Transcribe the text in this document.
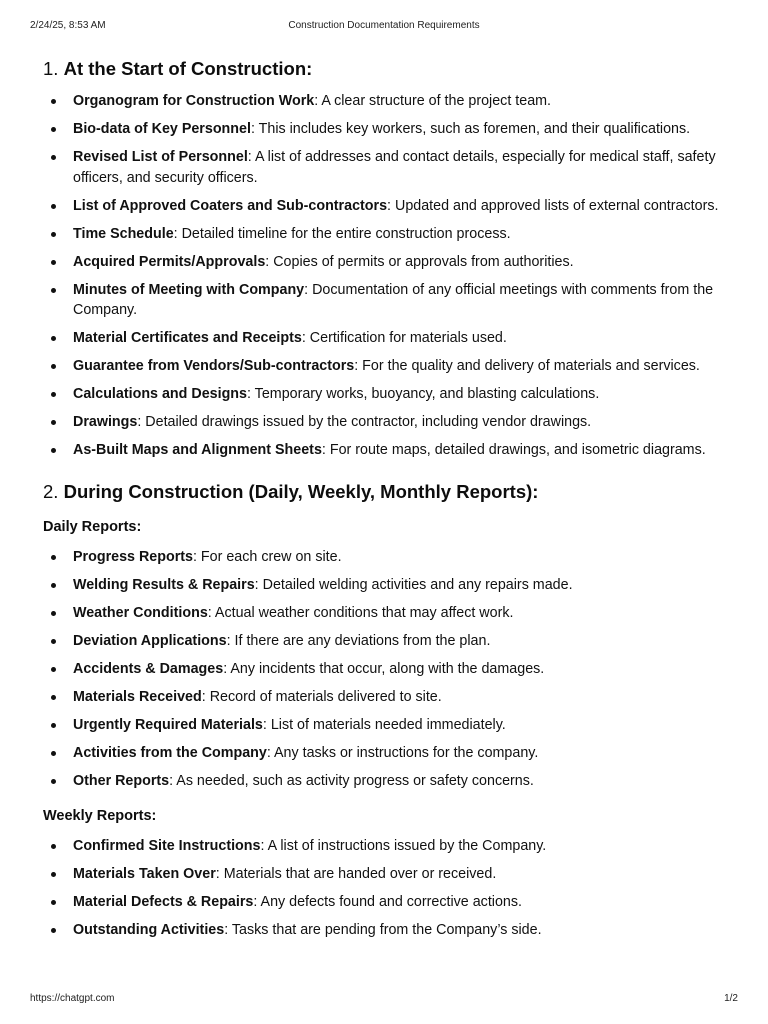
2/24/25, 8:53 AM	Construction Documentation Requirements
1. At the Start of Construction:
Organogram for Construction Work: A clear structure of the project team.
Bio-data of Key Personnel: This includes key workers, such as foremen, and their qualifications.
Revised List of Personnel: A list of addresses and contact details, especially for medical staff, safety officers, and security officers.
List of Approved Coaters and Sub-contractors: Updated and approved lists of external contractors.
Time Schedule: Detailed timeline for the entire construction process.
Acquired Permits/Approvals: Copies of permits or approvals from authorities.
Minutes of Meeting with Company: Documentation of any official meetings with comments from the Company.
Material Certificates and Receipts: Certification for materials used.
Guarantee from Vendors/Sub-contractors: For the quality and delivery of materials and services.
Calculations and Designs: Temporary works, buoyancy, and blasting calculations.
Drawings: Detailed drawings issued by the contractor, including vendor drawings.
As-Built Maps and Alignment Sheets: For route maps, detailed drawings, and isometric diagrams.
2. During Construction (Daily, Weekly, Monthly Reports):
Daily Reports:
Progress Reports: For each crew on site.
Welding Results & Repairs: Detailed welding activities and any repairs made.
Weather Conditions: Actual weather conditions that may affect work.
Deviation Applications: If there are any deviations from the plan.
Accidents & Damages: Any incidents that occur, along with the damages.
Materials Received: Record of materials delivered to site.
Urgently Required Materials: List of materials needed immediately.
Activities from the Company: Any tasks or instructions for the company.
Other Reports: As needed, such as activity progress or safety concerns.
Weekly Reports:
Confirmed Site Instructions: A list of instructions issued by the Company.
Materials Taken Over: Materials that are handed over or received.
Material Defects & Repairs: Any defects found and corrective actions.
Outstanding Activities: Tasks that are pending from the Company’s side.
https://chatgpt.com	1/2
